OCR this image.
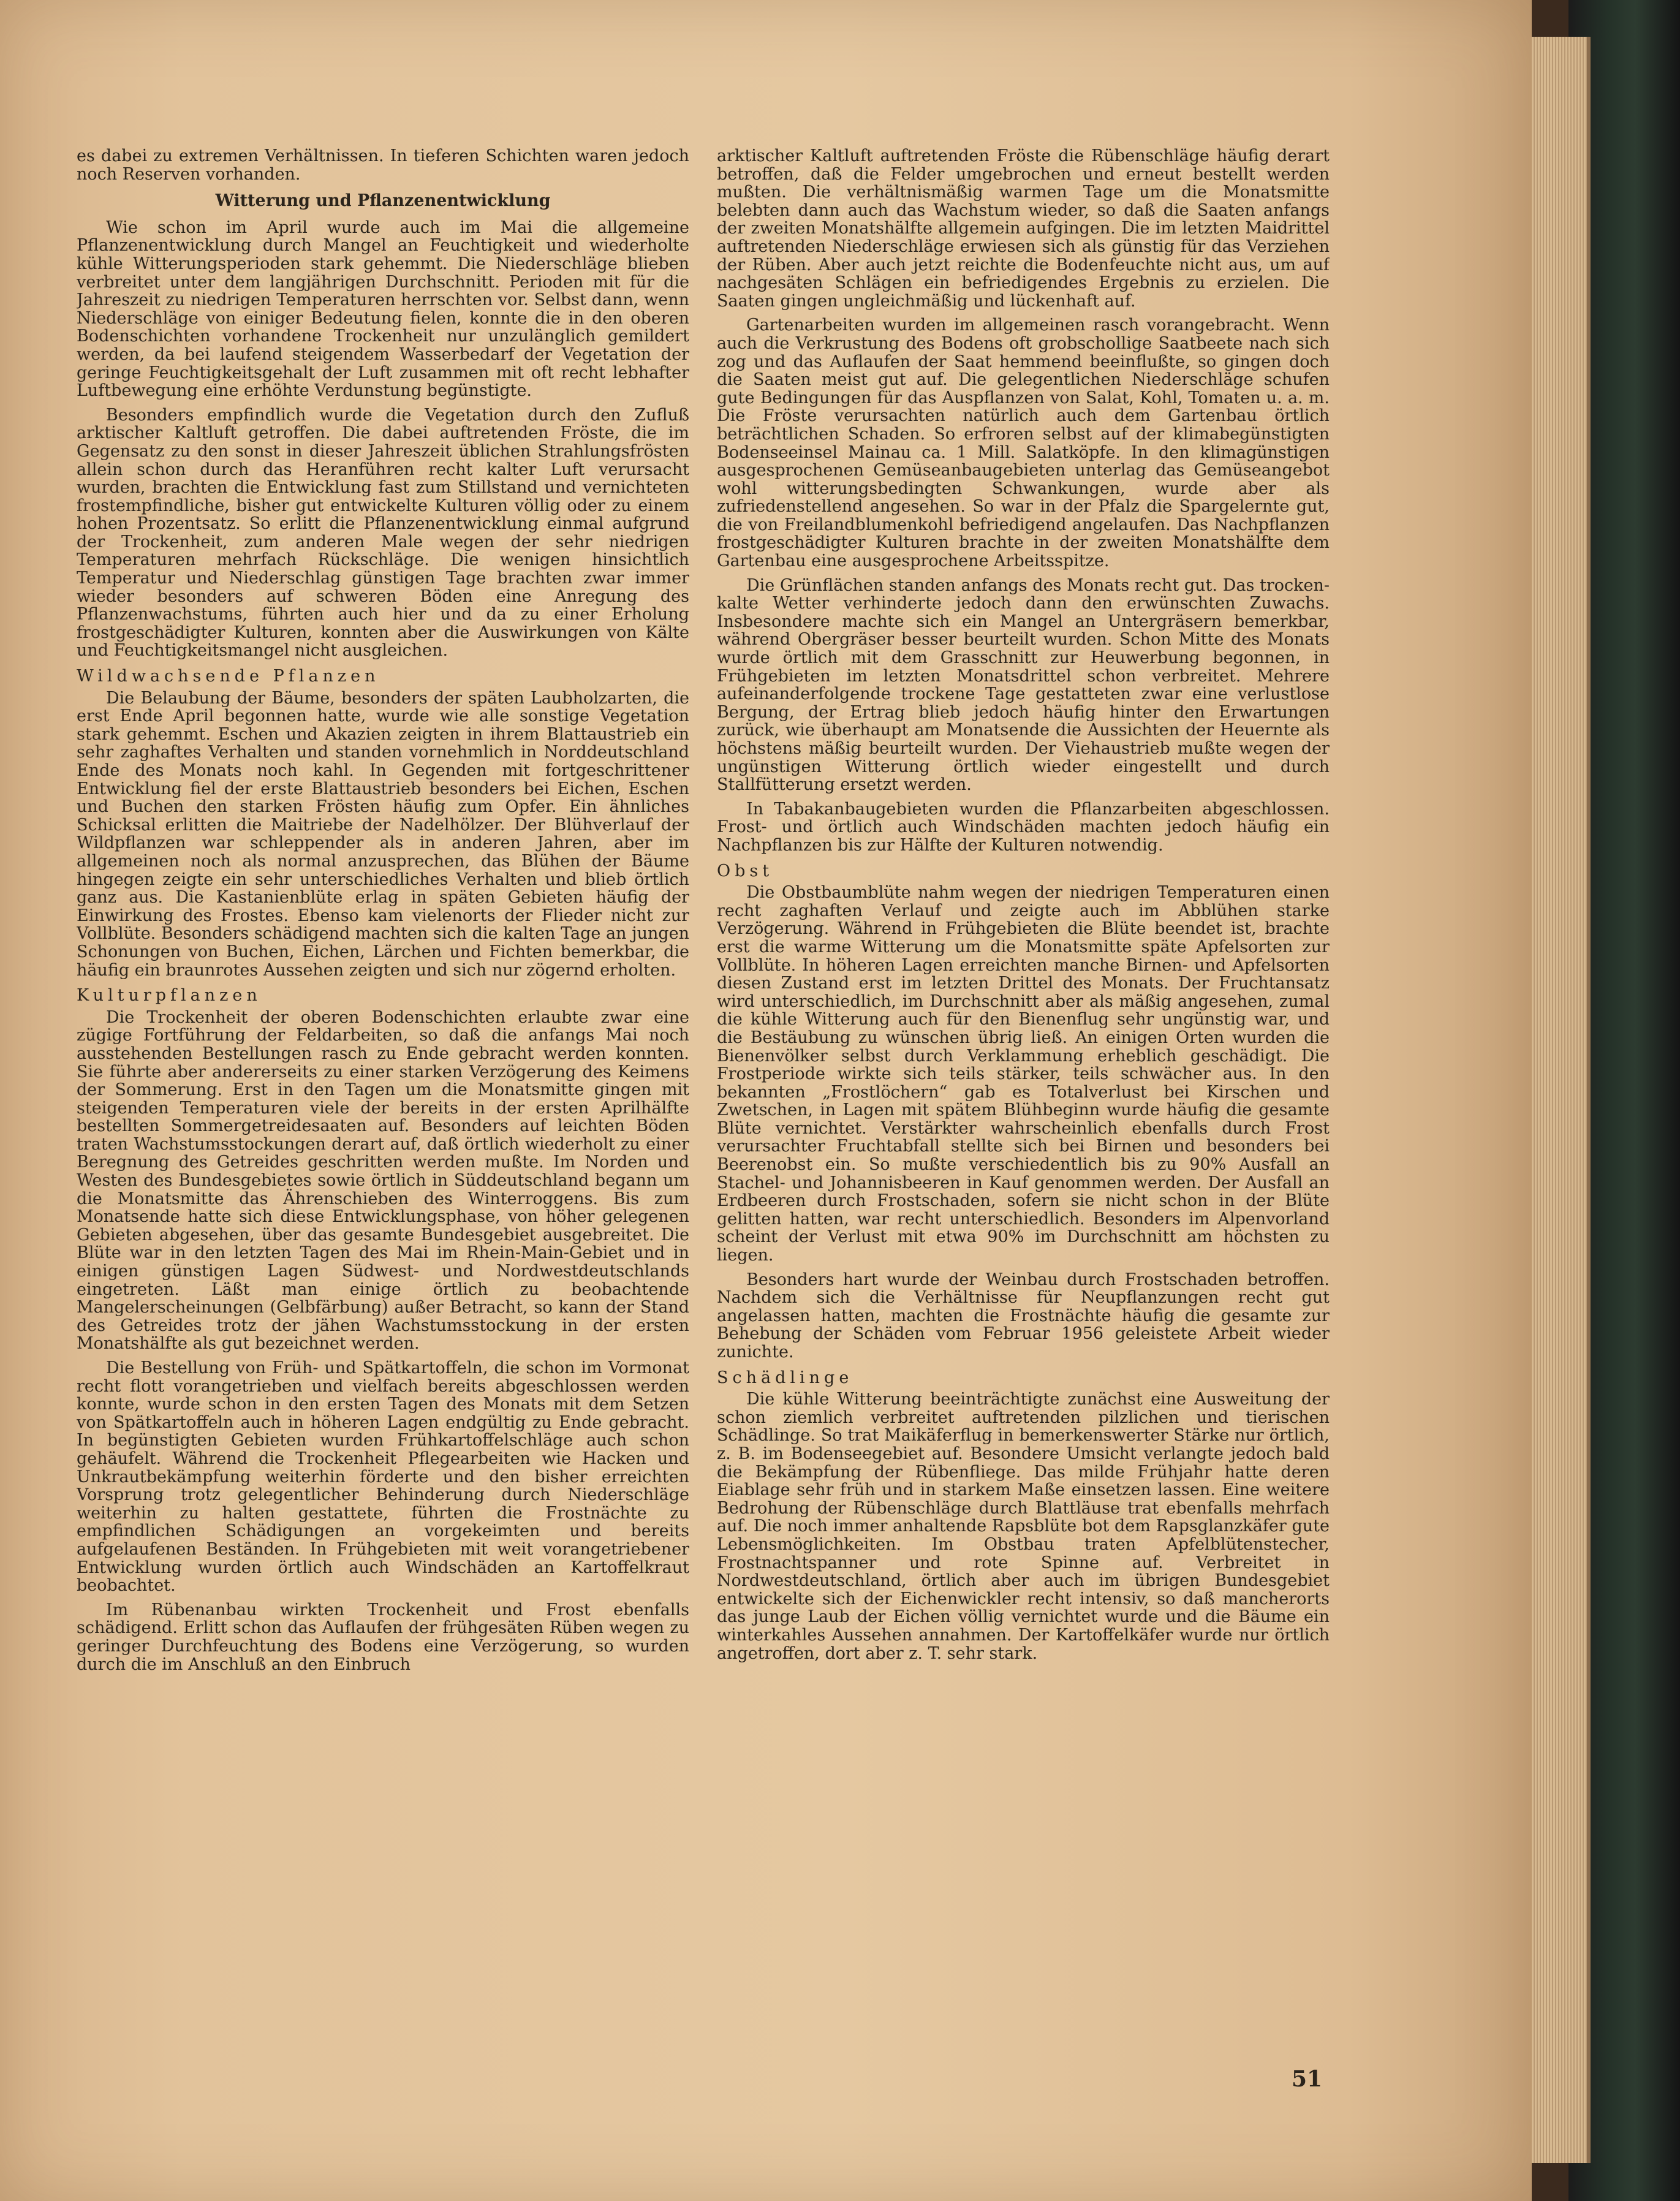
es dabei zu extremen Verhältnissen. In tieferen Schichten waren jedoch noch Reserven vorhanden.

Witterung und Pflanzenentwicklung

Wie schon im April wurde auch im Mai die allgemeine Pflanzenentwicklung durch Mangel an Feuchtigkeit und wiederholte kühle Witterungsperioden stark gehemmt. Die Niederschläge blieben verbreitet unter dem langjährigen Durchschnitt. Perioden mit für die Jahreszeit zu niedrigen Temperaturen herrschten vor. Selbst dann, wenn Niederschläge von einiger Bedeutung fielen, konnte die in den oberen Bodenschichten vorhandene Trockenheit nur unzulänglich gemildert werden, da bei laufend steigendem Wasserbedarf der Vegetation der geringe Feuchtigkeitsgehalt der Luft zusammen mit oft recht lebhafter Luftbewegung eine erhöhte Verdunstung begünstigte.

Besonders empfindlich wurde die Vegetation durch den Zufluß arktischer Kaltluft getroffen. Die dabei auftretenden Fröste, die im Gegensatz zu den sonst in dieser Jahreszeit üblichen Strahlungsfrösten allein schon durch das Heranführen recht kalter Luft verursacht wurden, brachten die Entwicklung fast zum Stillstand und vernichteten frostempfindliche, bisher gut entwickelte Kulturen völlig oder zu einem hohen Prozentsatz. So erlitt die Pflanzenentwicklung einmal aufgrund der Trockenheit, zum anderen Male wegen der sehr niedrigen Temperaturen mehrfach Rückschläge. Die wenigen hinsichtlich Temperatur und Niederschlag günstigen Tage brachten zwar immer wieder besonders auf schweren Böden eine Anregung des Pflanzenwachstums, führten auch hier und da zu einer Erholung frostgeschädigter Kulturen, konnten aber die Auswirkungen von Kälte und Feuchtigkeitsmangel nicht ausgleichen.

Wildwachsende Pflanzen

Die Belaubung der Bäume, besonders der späten Laubholzarten, die erst Ende April begonnen hatte, wurde wie alle sonstige Vegetation stark gehemmt. Eschen und Akazien zeigten in ihrem Blattaustrieb ein sehr zaghaftes Verhalten und standen vornehmlich in Norddeutschland Ende des Monats noch kahl. In Gegenden mit fortgeschrittener Entwicklung fiel der erste Blattaustrieb besonders bei Eichen, Eschen und Buchen den starken Frösten häufig zum Opfer. Ein ähnliches Schicksal erlitten die Maitriebe der Nadelhölzer. Der Blühverlauf der Wildpflanzen war schleppender als in anderen Jahren, aber im allgemeinen noch als normal anzusprechen, das Blühen der Bäume hingegen zeigte ein sehr unterschiedliches Verhalten und blieb örtlich ganz aus. Die Kastanienblüte erlag in späten Gebieten häufig der Einwirkung des Frostes. Ebenso kam vielenorts der Flieder nicht zur Vollblüte. Besonders schädigend machten sich die kalten Tage an jungen Schonungen von Buchen, Eichen, Lärchen und Fichten bemerkbar, die häufig ein braunrotes Aussehen zeigten und sich nur zögernd erholten.

Kulturpflanzen

Die Trockenheit der oberen Bodenschichten erlaubte zwar eine zügige Fortführung der Feldarbeiten, so daß die anfangs Mai noch ausstehenden Bestellungen rasch zu Ende gebracht werden konnten. Sie führte aber andererseits zu einer starken Verzögerung des Keimens der Sommerung. Erst in den Tagen um die Monatsmitte gingen mit steigenden Temperaturen viele der bereits in der ersten Aprilhälfte bestellten Sommergetreidesaaten auf. Besonders auf leichten Böden traten Wachstumsstockungen derart auf, daß örtlich wiederholt zu einer Beregnung des Getreides geschritten werden mußte. Im Norden und Westen des Bundesgebietes sowie örtlich in Süddeutschland begann um die Monatsmitte das Ährenschieben des Winterroggens. Bis zum Monatsende hatte sich diese Entwicklungsphase, von höher gelegenen Gebieten abgesehen, über das gesamte Bundesgebiet ausgebreitet. Die Blüte war in den letzten Tagen des Mai im Rhein-Main-Gebiet und in einigen günstigen Lagen Südwest- und Nordwestdeutschlands eingetreten. Läßt man einige örtlich zu beobachtende Mangelerscheinungen (Gelbfärbung) außer Betracht, so kann der Stand des Getreides trotz der jähen Wachstumsstockung in der ersten Monatshälfte als gut bezeichnet werden.

Die Bestellung von Früh- und Spätkartoffeln, die schon im Vormonat recht flott vorangetrieben und vielfach bereits abgeschlossen werden konnte, wurde schon in den ersten Tagen des Monats mit dem Setzen von Spätkartoffeln auch in höheren Lagen endgültig zu Ende gebracht. In begünstigten Gebieten wurden Frühkartoffelschläge auch schon gehäufelt. Während die Trockenheit Pflegearbeiten wie Hacken und Unkrautbekämpfung weiterhin förderte und den bisher erreichten Vorsprung trotz gelegentlicher Behinderung durch Niederschläge weiterhin zu halten gestattete, führten die Frostnächte zu empfindlichen Schädigungen an vorgekeimten und bereits aufgelaufenen Beständen. In Frühgebieten mit weit vorangetriebener Entwicklung wurden örtlich auch Windschäden an Kartoffelkraut beobachtet.

Im Rübenanbau wirkten Trockenheit und Frost ebenfalls schädigend. Erlitt schon das Auflaufen der frühgesäten Rüben wegen zu geringer Durchfeuchtung des Bodens eine Verzögerung, so wurden durch die im Anschluß an den Einbruch

arktischer Kaltluft auftretenden Fröste die Rübenschläge häufig derart betroffen, daß die Felder umgebrochen und erneut bestellt werden mußten. Die verhältnismäßig warmen Tage um die Monatsmitte belebten dann auch das Wachstum wieder, so daß die Saaten anfangs der zweiten Monatshälfte allgemein aufgingen. Die im letzten Maidrittel auftretenden Niederschläge erwiesen sich als günstig für das Verziehen der Rüben. Aber auch jetzt reichte die Bodenfeuchte nicht aus, um auf nachgesäten Schlägen ein befriedigendes Ergebnis zu erzielen. Die Saaten gingen ungleichmäßig und lückenhaft auf.

Gartenarbeiten wurden im allgemeinen rasch vorangebracht. Wenn auch die Verkrustung des Bodens oft grobschollige Saatbeete nach sich zog und das Auflaufen der Saat hemmend beeinflußte, so gingen doch die Saaten meist gut auf. Die gelegentlichen Niederschläge schufen gute Bedingungen für das Auspflanzen von Salat, Kohl, Tomaten u. a. m. Die Fröste verursachten natürlich auch dem Gartenbau örtlich beträchtlichen Schaden. So erfroren selbst auf der klimabegünstigten Bodenseeinsel Mainau ca. 1 Mill. Salatköpfe. In den klimagünstigen ausgesprochenen Gemüseanbaugebieten unterlag das Gemüseangebot wohl witterungsbedingten Schwankungen, wurde aber als zufriedenstellend angesehen. So war in der Pfalz die Spargelernte gut, die von Freilandblumenkohl befriedigend angelaufen. Das Nachpflanzen frostgeschädigter Kulturen brachte in der zweiten Monatshälfte dem Gartenbau eine ausgesprochene Arbeitsspitze.

Die Grünflächen standen anfangs des Monats recht gut. Das trocken-kalte Wetter verhinderte jedoch dann den erwünschten Zuwachs. Insbesondere machte sich ein Mangel an Untergräsern bemerkbar, während Obergräser besser beurteilt wurden. Schon Mitte des Monats wurde örtlich mit dem Grasschnitt zur Heuwerbung begonnen, in Frühgebieten im letzten Monatsdrittel schon verbreitet. Mehrere aufeinanderfolgende trockene Tage gestatteten zwar eine verlustlose Bergung, der Ertrag blieb jedoch häufig hinter den Erwartungen zurück, wie überhaupt am Monatsende die Aussichten der Heuernte als höchstens mäßig beurteilt wurden. Der Viehaustrieb mußte wegen der ungünstigen Witterung örtlich wieder eingestellt und durch Stallfütterung ersetzt werden.

In Tabakanbaugebieten wurden die Pflanzarbeiten abgeschlossen. Frost- und örtlich auch Windschäden machten jedoch häufig ein Nachpflanzen bis zur Hälfte der Kulturen notwendig.

Obst

Die Obstbaumblüte nahm wegen der niedrigen Temperaturen einen recht zaghaften Verlauf und zeigte auch im Abblühen starke Verzögerung. Während in Frühgebieten die Blüte beendet ist, brachte erst die warme Witterung um die Monatsmitte späte Apfelsorten zur Vollblüte. In höheren Lagen erreichten manche Birnen- und Apfelsorten diesen Zustand erst im letzten Drittel des Monats. Der Fruchtansatz wird unterschiedlich, im Durchschnitt aber als mäßig angesehen, zumal die kühle Witterung auch für den Bienenflug sehr ungünstig war, und die Bestäubung zu wünschen übrig ließ. An einigen Orten wurden die Bienenvölker selbst durch Verklammung erheblich geschädigt. Die Frostperiode wirkte sich teils stärker, teils schwächer aus. In den bekannten „Frostlöchern“ gab es Totalverlust bei Kirschen und Zwetschen, in Lagen mit spätem Blühbeginn wurde häufig die gesamte Blüte vernichtet. Verstärkter wahrscheinlich ebenfalls durch Frost verursachter Fruchtabfall stellte sich bei Birnen und besonders bei Beerenobst ein. So mußte verschiedentlich bis zu 90% Ausfall an Stachel- und Johannisbeeren in Kauf genommen werden. Der Ausfall an Erdbeeren durch Frostschaden, sofern sie nicht schon in der Blüte gelitten hatten, war recht unterschiedlich. Besonders im Alpenvorland scheint der Verlust mit etwa 90% im Durchschnitt am höchsten zu liegen.

Besonders hart wurde der Weinbau durch Frostschaden betroffen. Nachdem sich die Verhältnisse für Neupflanzungen recht gut angelassen hatten, machten die Frostnächte häufig die gesamte zur Behebung der Schäden vom Februar 1956 geleistete Arbeit wieder zunichte.

Schädlinge

Die kühle Witterung beeinträchtigte zunächst eine Ausweitung der schon ziemlich verbreitet auftretenden pilzlichen und tierischen Schädlinge. So trat Maikäferflug in bemerkenswerter Stärke nur örtlich, z. B. im Bodenseegebiet auf. Besondere Umsicht verlangte jedoch bald die Bekämpfung der Rübenfliege. Das milde Frühjahr hatte deren Eiablage sehr früh und in starkem Maße einsetzen lassen. Eine weitere Bedrohung der Rübenschläge durch Blattläuse trat ebenfalls mehrfach auf. Die noch immer anhaltende Rapsblüte bot dem Rapsglanzkäfer gute Lebensmöglichkeiten. Im Obstbau traten Apfelblütenstecher, Frostnachtspanner und rote Spinne auf. Verbreitet in Nordwestdeutschland, örtlich aber auch im übrigen Bundesgebiet entwickelte sich der Eichenwickler recht intensiv, so daß mancherorts das junge Laub der Eichen völlig vernichtet wurde und die Bäume ein winterkahles Aussehen annahmen. Der Kartoffelkäfer wurde nur örtlich angetroffen, dort aber z. T. sehr stark.

51
